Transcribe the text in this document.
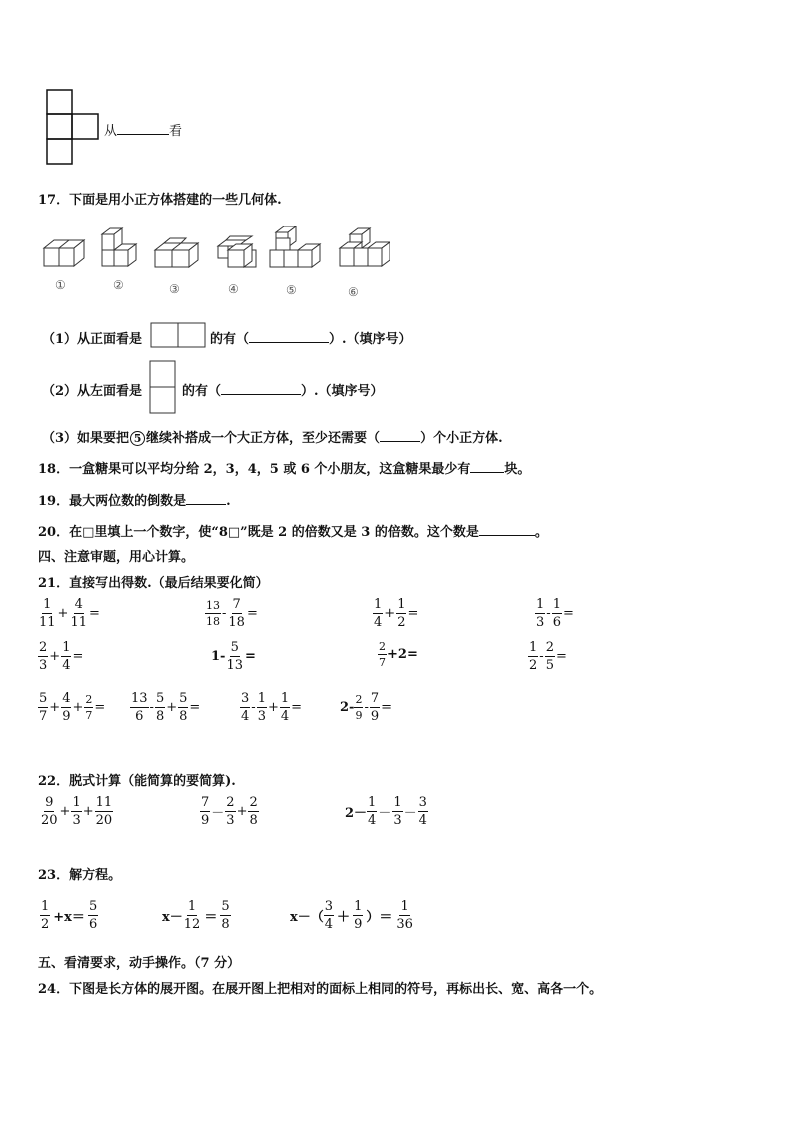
从	看
17．下面是用小正方体搭建的一些几何体.
①	②	③	④	⑤	⑥
（1）从正面看是	的有（	）.（填序号）
（2）从左面看是	的有（	）.（填序号）
（3）如果要把 5 继续补搭成一个大正方体，至少还需要（	）个小正方体.
18．一盒糖果可以平均分给 2，3，4，5 或 6 个小朋友，这盒糖果最少有	块。
19．最大两位数的倒数是	.
20．在□里填上一个数字，使“8□”既是 2 的倍数又是 3 的倍数。这个数是	。
四、注意审题，用心计算。
21．直接写出得数.（最后结果要化简）
$\frac{1}{11} + \frac{4}{11}$ =	$\frac{13}{18} - \frac{7}{18}$ =	$\frac{1}{4} + \frac{1}{2}$ =	$\frac{1}{3} - \frac{1}{6}$ =
$\frac{2}{3} + \frac{1}{4}$ =	$1- \frac{5}{13}$ =	$\frac{2}{7} +2=$	$\frac{1}{2} - \frac{2}{5}$ =
$\frac{5}{7} + \frac{4}{9} + \frac{2}{7} = \frac{13}{6} - \frac{5}{8} + \frac{5}{8}$ =	$\frac{3}{4} - \frac{1}{3} + \frac{1}{4}$ =	$2- \frac{2}{9} - \frac{7}{9}$ =
22．脱式计算（能简算的要简算).
$\frac{9}{20} + \frac{1}{3} + \frac{11}{20}$	$\frac{7}{9} - \frac{2}{3} + \frac{2}{8}$	$2- \frac{1}{4} - \frac{1}{3} - \frac{3}{4}$
23．解方程。
$\frac{1}{2} +x= \frac{5}{6}$	$x- \frac{1}{12} = \frac{5}{8}$	$x-( \frac{3}{4} + \frac{1}{9}$ ）＝ $\frac{1}{36}$
五、看清要求，动手操作。（7 分）
24．下图是长方体的展开图。在展开图上把相对的面标上相同的符号，再标出长、宽、高各一个。
